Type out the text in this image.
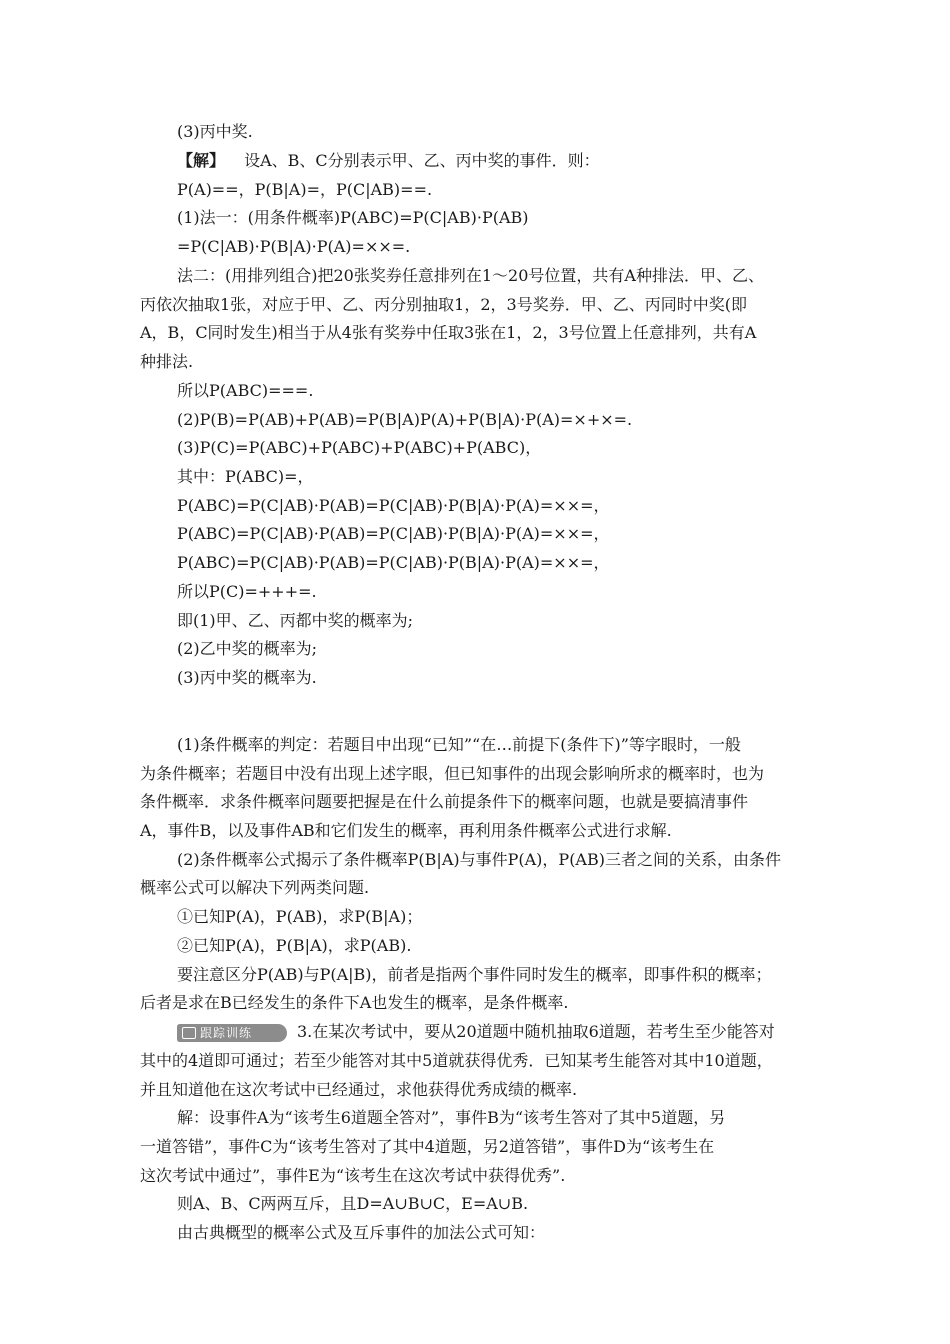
(3)丙中奖.
【解】 设A、B、C分别表示甲、乙、丙中奖的事件．则：
P(A)==，P(B|A)=，P(C|AB)==.
(1)法一：(用条件概率)P(ABC)=P(C|AB)·P(AB)
=P(C|AB)·P(B|A)·P(A)=××=.
法二：(用排列组合)把20张奖券任意排列在1～20号位置，共有A种排法．甲、乙、
丙依次抽取1张，对应于甲、乙、丙分别抽取1，2，3号奖券．甲、乙、丙同时中奖(即
A，B，C同时发生)相当于从4张有奖券中任取3张在1，2，3号位置上任意排列，共有A
种排法.
所以P(ABC)===.
(2)P(B)=P(AB)+P(AB)=P(B|A)P(A)+P(B|A)·P(A)=×+×=.
(3)P(C)=P(ABC)+P(ABC)+P(ABC)+P(ABC)，
其中：P(ABC)=，
P(ABC)=P(C|AB)·P(AB)=P(C|AB)·P(B|A)·P(A)=××=，
P(ABC)=P(C|AB)·P(AB)=P(C|AB)·P(B|A)·P(A)=××=，
P(ABC)=P(C|AB)·P(AB)=P(C|AB)·P(B|A)·P(A)=××=，
所以P(C)=+++=.
即(1)甲、乙、丙都中奖的概率为;
(2)乙中奖的概率为;
(3)丙中奖的概率为.
(1)条件概率的判定：若题目中出现“已知”“在…前提下(条件下)”等字眼时，一般
为条件概率；若题目中没有出现上述字眼，但已知事件的出现会影响所求的概率时，也为
条件概率．求条件概率问题要把握是在什么前提条件下的概率问题，也就是要搞清事件
A，事件B，以及事件AB和它们发生的概率，再利用条件概率公式进行求解.
(2)条件概率公式揭示了条件概率P(B|A)与事件P(A)，P(AB)三者之间的关系，由条件
概率公式可以解决下列两类问题.
①已知P(A)，P(AB)，求P(B|A)；
②已知P(A)，P(B|A)，求P(AB).
要注意区分P(AB)与P(A|B)，前者是指两个事件同时发生的概率，即事件积的概率；
后者是求在B已经发生的条件下A也发生的概率，是条件概率.
跟踪训练	3.在某次考试中，要从20道题中随机抽取6道题，若考生至少能答对
其中的4道即可通过；若至少能答对其中5道就获得优秀．已知某考生能答对其中10道题，
并且知道他在这次考试中已经通过，求他获得优秀成绩的概率.
解：设事件A为“该考生6道题全答对”，事件B为“该考生答对了其中5道题，另
一道答错”，事件C为“该考生答对了其中4道题，另2道答错”，事件D为“该考生在
这次考试中通过”，事件E为“该考生在这次考试中获得优秀”.
则A、B、C两两互斥，且D=A∪B∪C，E=A∪B.
由古典概型的概率公式及互斥事件的加法公式可知：
